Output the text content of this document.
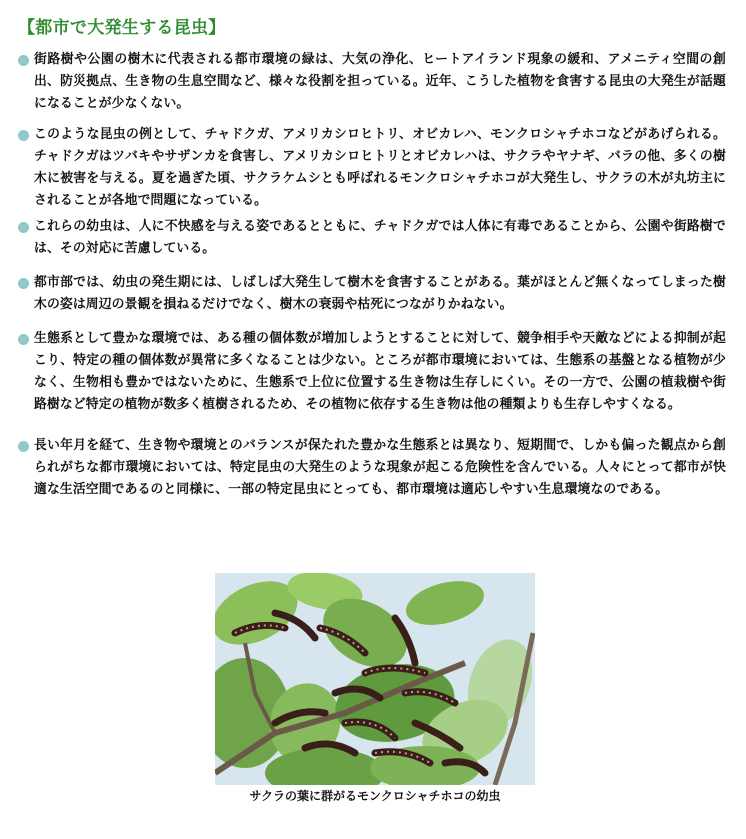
【都市で大発生する昆虫】
街路樹や公園の樹木に代表される都市環境の緑は、大気の浄化、ヒートアイランド現象の緩和、アメニティ空間の創出、防災拠点、生き物の生息空間など、様々な役割を担っている。近年、こうした植物を食害する昆虫の大発生が話題になることが少なくない。
このような昆虫の例として、チャドクガ、アメリカシロヒトリ、オビカレハ、モンクロシャチホコなどがあげられる。チャドクガはツバキやサザンカを食害し、アメリカシロヒトリとオビカレハは、サクラやヤナギ、バラの他、多くの樹木に被害を与える。夏を過ぎた頃、サクラケムシとも呼ばれるモンクロシャチホコが大発生し、サクラの木が丸坊主にされることが各地で問題になっている。
これらの幼虫は、人に不快感を与える姿であるとともに、チャドクガでは人体に有毒であることから、公園や街路樹では、その対応に苦慮している。
都市部では、幼虫の発生期には、しばしば大発生して樹木を食害することがある。葉がほとんど無くなってしまった樹木の姿は周辺の景観を損ねるだけでなく、樹木の衰弱や枯死につながりかねない。
生態系として豊かな環境では、ある種の個体数が増加しようとすることに対して、競争相手や天敵などによる抑制が起こり、特定の種の個体数が異常に多くなることは少ない。ところが都市環境においては、生態系の基盤となる植物が少なく、生物相も豊かではないために、生態系で上位に位置する生き物は生存しにくい。その一方で、公園の植栽樹や街路樹など特定の植物が数多く植樹されるため、その植物に依存する生き物は他の種類よりも生存しやすくなる。
長い年月を経て、生き物や環境とのバランスが保たれた豊かな生態系とは異なり、短期間で、しかも偏った観点から創られがちな都市環境においては、特定昆虫の大発生のような現象が起こる危険性を含んでいる。人々にとって都市が快適な生活空間であるのと同様に、一部の特定昆虫にとっても、都市環境は適応しやすい生息環境なのである。
サクラの葉に群がるモンクロシャチホコの幼虫
